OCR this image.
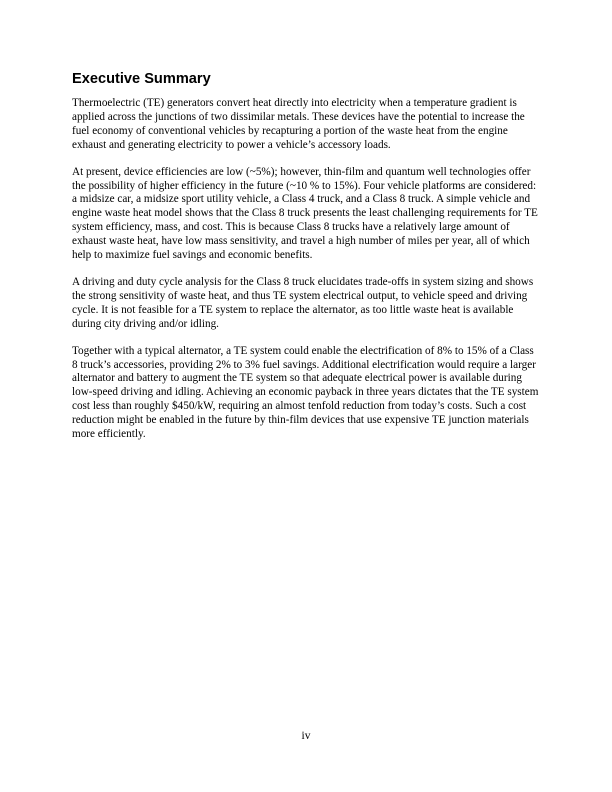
Executive Summary

Thermoelectric (TE) generators convert heat directly into electricity when a temperature gradient is applied across the junctions of two dissimilar metals. These devices have the potential to increase the fuel economy of conventional vehicles by recapturing a portion of the waste heat from the engine exhaust and generating electricity to power a vehicle’s accessory loads.

At present, device efficiencies are low (~5%); however, thin-film and quantum well technologies offer the possibility of higher efficiency in the future (~10 % to 15%). Four vehicle platforms are considered: a midsize car, a midsize sport utility vehicle, a Class 4 truck, and a Class 8 truck. A simple vehicle and engine waste heat model shows that the Class 8 truck presents the least challenging requirements for TE system efficiency, mass, and cost. This is because Class 8 trucks have a relatively large amount of exhaust waste heat, have low mass sensitivity, and travel a high number of miles per year, all of which help to maximize fuel savings and economic benefits.

A driving and duty cycle analysis for the Class 8 truck elucidates trade-offs in system sizing and shows the strong sensitivity of waste heat, and thus TE system electrical output, to vehicle speed and driving cycle. It is not feasible for a TE system to replace the alternator, as too little waste heat is available during city driving and/or idling.

Together with a typical alternator, a TE system could enable the electrification of 8% to 15% of a Class 8 truck’s accessories, providing 2% to 3% fuel savings. Additional electrification would require a larger alternator and battery to augment the TE system so that adequate electrical power is available during low-speed driving and idling. Achieving an economic payback in three years dictates that the TE system cost less than roughly $450/kW, requiring an almost tenfold reduction from today’s costs. Such a cost reduction might be enabled in the future by thin-film devices that use expensive TE junction materials more efficiently.

iv
